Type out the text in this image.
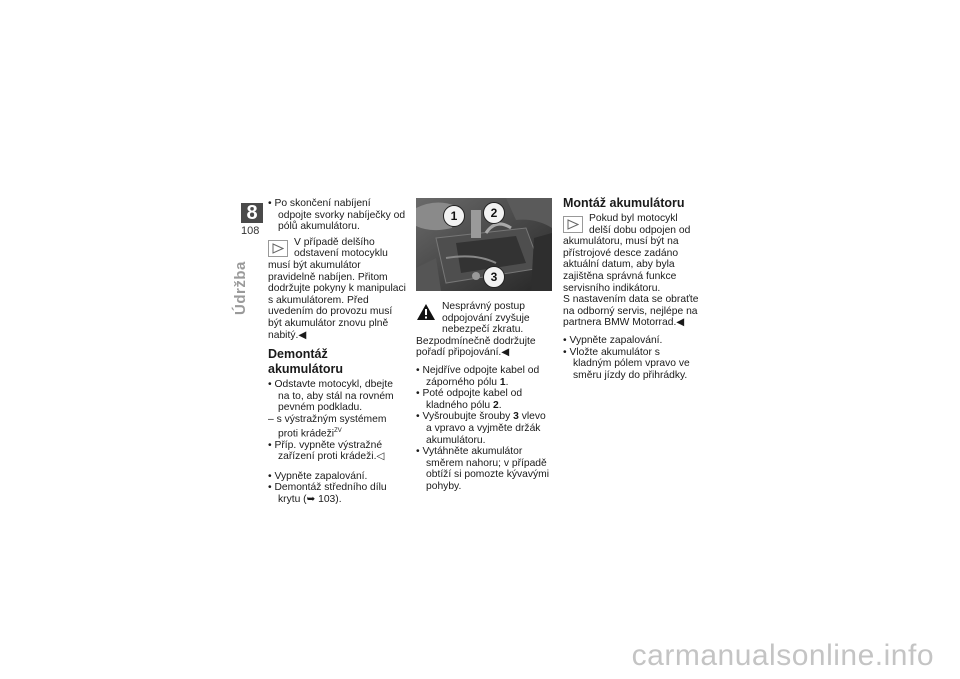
8
108
Údržba

• Po skončení nabíjení odpojte svorky nabíječky od pólů akumulátoru.

V případě delšího odstavení motocyklu musí být akumulátor pravidelně nabíjen. Přitom dodržujte pokyny k manipulaci s akumulátorem. Před uvedením do provozu musí být akumulátor znovu plně nabitý.◀

Demontáž akumulátoru

• Odstavte motocykl, dbejte na to, aby stál na rovném pevném podkladu.

– s výstražným systémem proti krádeži$^{ZV}$

• Příp. vypněte výstražné zařízení proti krádeži.◁

• Vypněte zapalování.

• Demontáž středního dílu krytu (➥ 103).

1	2
3

Nesprávný postup odpojování zvyšuje nebezpečí zkratu. Bezpodmínečně dodržujte pořadí připojování.◀

• Nejdříve odpojte kabel od záporného pólu 1.

• Poté odpojte kabel od kladného pólu 2.

• Vyšroubujte šrouby 3 vlevo a vpravo a vyjměte držák akumulátoru.

• Vytáhněte akumulátor směrem nahoru; v případě obtíží si pomozte kývavými pohyby.

Montáž akumulátoru

Pokud byl motocykl delší dobu odpojen od akumulátoru, musí být na přístrojové desce zadáno aktuální datum, aby byla zajištěna správná funkce servisního indikátoru.

S nastavením data se obraťte na odborný servis, nejlépe na partnera BMW Motorrad.◀

• Vypněte zapalování.

• Vložte akumulátor s kladným pólem vpravo ve směru jízdy do přihrádky.

carmanualsonline.info
